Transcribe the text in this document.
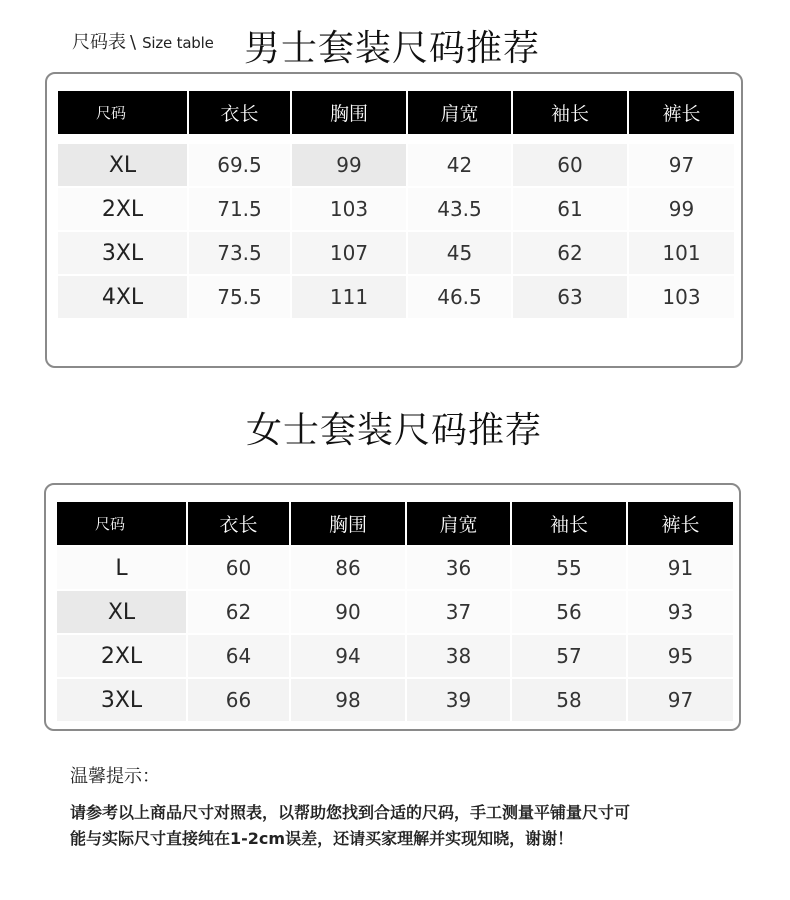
尺码表 \ Size table 男士套装尺码推荐
尺码	衣长	胸围	肩宽	袖长	裤长

XL	69.5	99	42	60	97
2XL	71.5	103	43.5	61	99
3XL	73.5	107	45	62	101
4XL	75.5	111	46.5	63	103
女士套装尺码推荐
尺码	衣长	胸围	肩宽	袖长	裤长
L	60	86	36	55	91
XL	62	90	37	56	93
2XL	64	94	38	57	95
3XL	66	98	39	58	97
温馨提示：
请参考以上商品尺寸对照表，以帮助您找到合适的尺码，手工测量平铺量尺寸可
能与实际尺寸直接纯在1-2cm误差，还请买家理解并实现知晓，谢谢！
